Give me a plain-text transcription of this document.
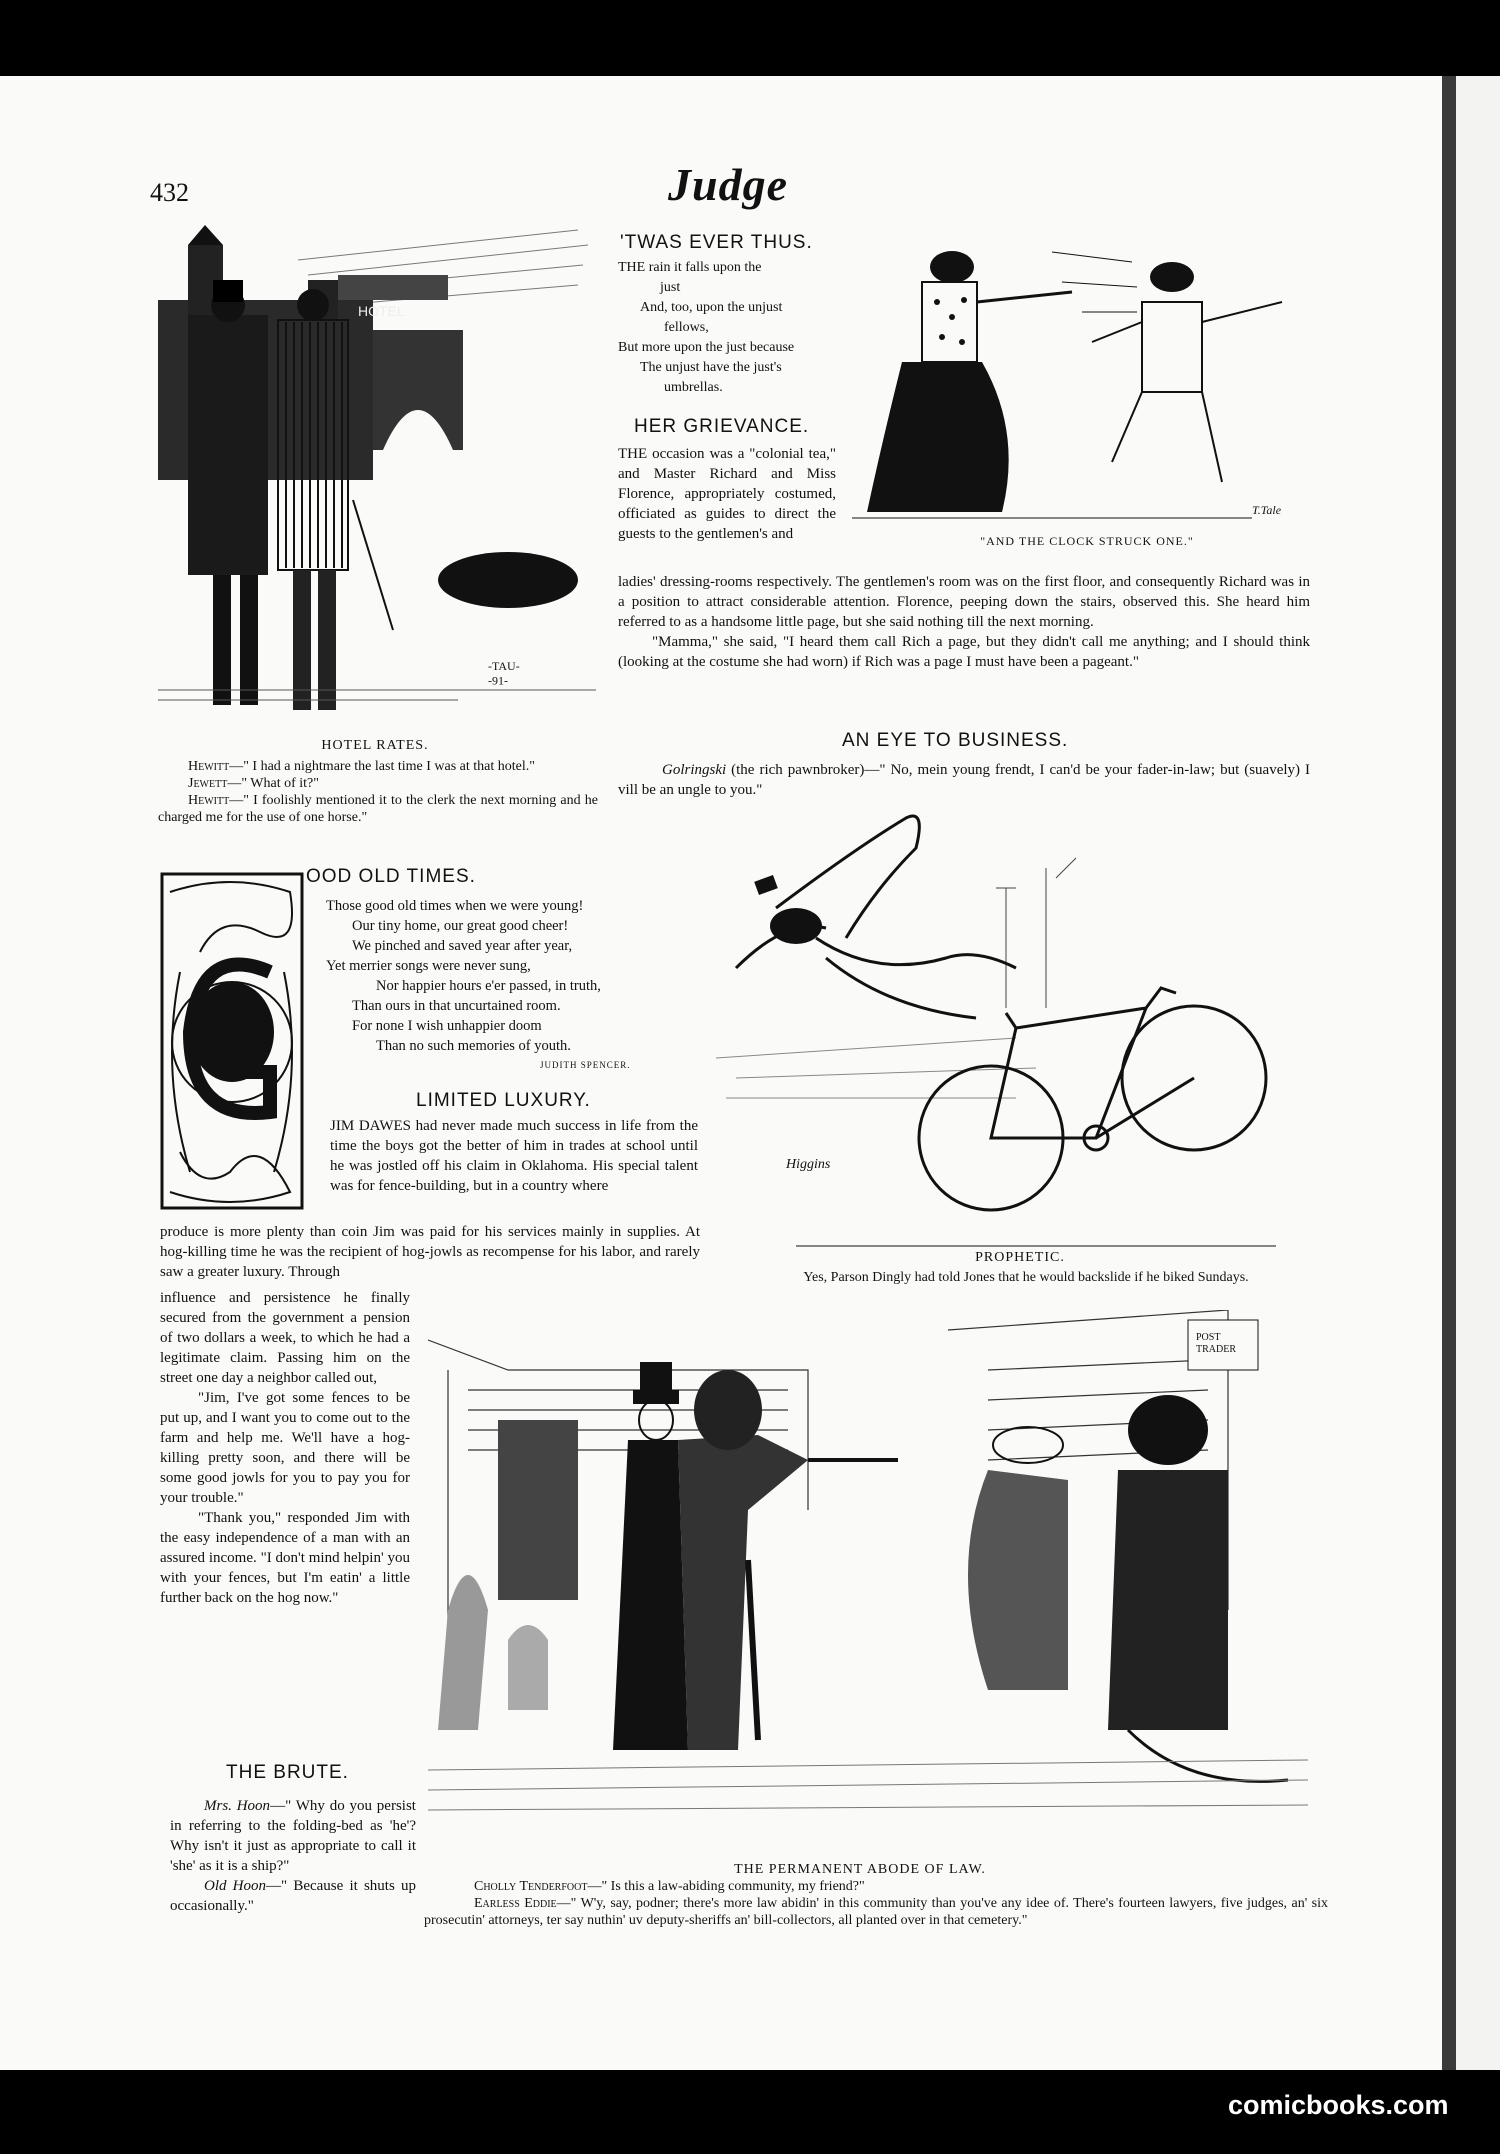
432	Judge
HOTEL
-TAU--91-
HOTEL RATES.

Hewitt—" I had a nightmare the last time I was at that hotel."

Jewett—" What of it?"

Hewitt—" I foolishly mentioned it to the clerk the next morning and he charged me for the use of one horse."

'TWAS EVER THUS.
THE rain it falls upon the
just
And, too, upon the unjust
fellows,
But more upon the just because
The unjust have the just's
umbrellas.
T.Tale
"AND THE CLOCK STRUCK ONE."
HER GRIEVANCE.

THE occasion was a "colonial tea," and Master Richard and Miss Florence, appropriately costumed, officiated as guides to direct the guests to the gentlemen's and

ladies' dressing-rooms respectively. The gentlemen's room was on the first floor, and consequently Richard was in a position to attract considerable attention. Florence, peeping down the stairs, observed this. She heard him referred to as a handsome little page, but she said nothing till the next morning.

"Mamma," she said, "I heard them call Rich a page, but they didn't call me anything; and I should think (looking at the costume she had worn) if Rich was a page I must have been a pageant."

AN EYE TO BUSINESS.

Golringski (the rich pawnbroker)—" No, mein young frendt, I can'd be your fader-in-law; but (suavely) I vill be an ungle to you."

OOD OLD TIMES.
Those good old times when we were young!
Our tiny home, our great good cheer!
We pinched and saved year after year,
Yet merrier songs were never sung,
Nor happier hours e'er passed, in truth,
Than ours in that uncurtained room.
For none I wish unhappier doom
Than no such memories of youth.
JUDITH SPENCER.
LIMITED LUXURY.

JIM DAWES had never made much success in life from the time the boys got the better of him in trades at school until he was jostled off his claim in Oklahoma. His special talent was for fence-building, but in a country where

produce is more plenty than coin Jim was paid for his services mainly in supplies. At hog-killing time he was the recipient of hog-jowls as recompense for his labor, and rarely saw a greater luxury. Through

influence and persistence he finally secured from the government a pension of two dollars a week, to which he had a legitimate claim. Passing him on the street one day a neighbor called out,

"Jim, I've got some fences to be put up, and I want you to come out to the farm and help me. We'll have a hog-killing pretty soon, and there will be some good jowls for you to pay you for your trouble."

"Thank you," responded Jim with the easy independence of a man with an assured income. "I don't mind helpin' you with your fences, but I'm eatin' a little further back on the hog now."

Higgins
PROPHETIC.
Yes, Parson Dingly had told Jones that he would backslide if he biked Sundays.
POST TRADER
THE PERMANENT ABODE OF LAW.

Cholly Tenderfoot—" Is this a law-abiding community, my friend?"

Earless Eddie—" W'y, say, podner; there's more law abidin' in this community than you've any idee of. There's fourteen lawyers, five judges, an' six prosecutin' attorneys, ter say nuthin' uv deputy-sheriffs an' bill-collectors, all planted over in that cemetery."

THE BRUTE.

Mrs. Hoon—" Why do you persist in referring to the folding-bed as 'he'? Why isn't it just as appropriate to call it 'she' as it is a ship?"

Old Hoon—" Because it shuts up occasionally."

comicbooks.com
